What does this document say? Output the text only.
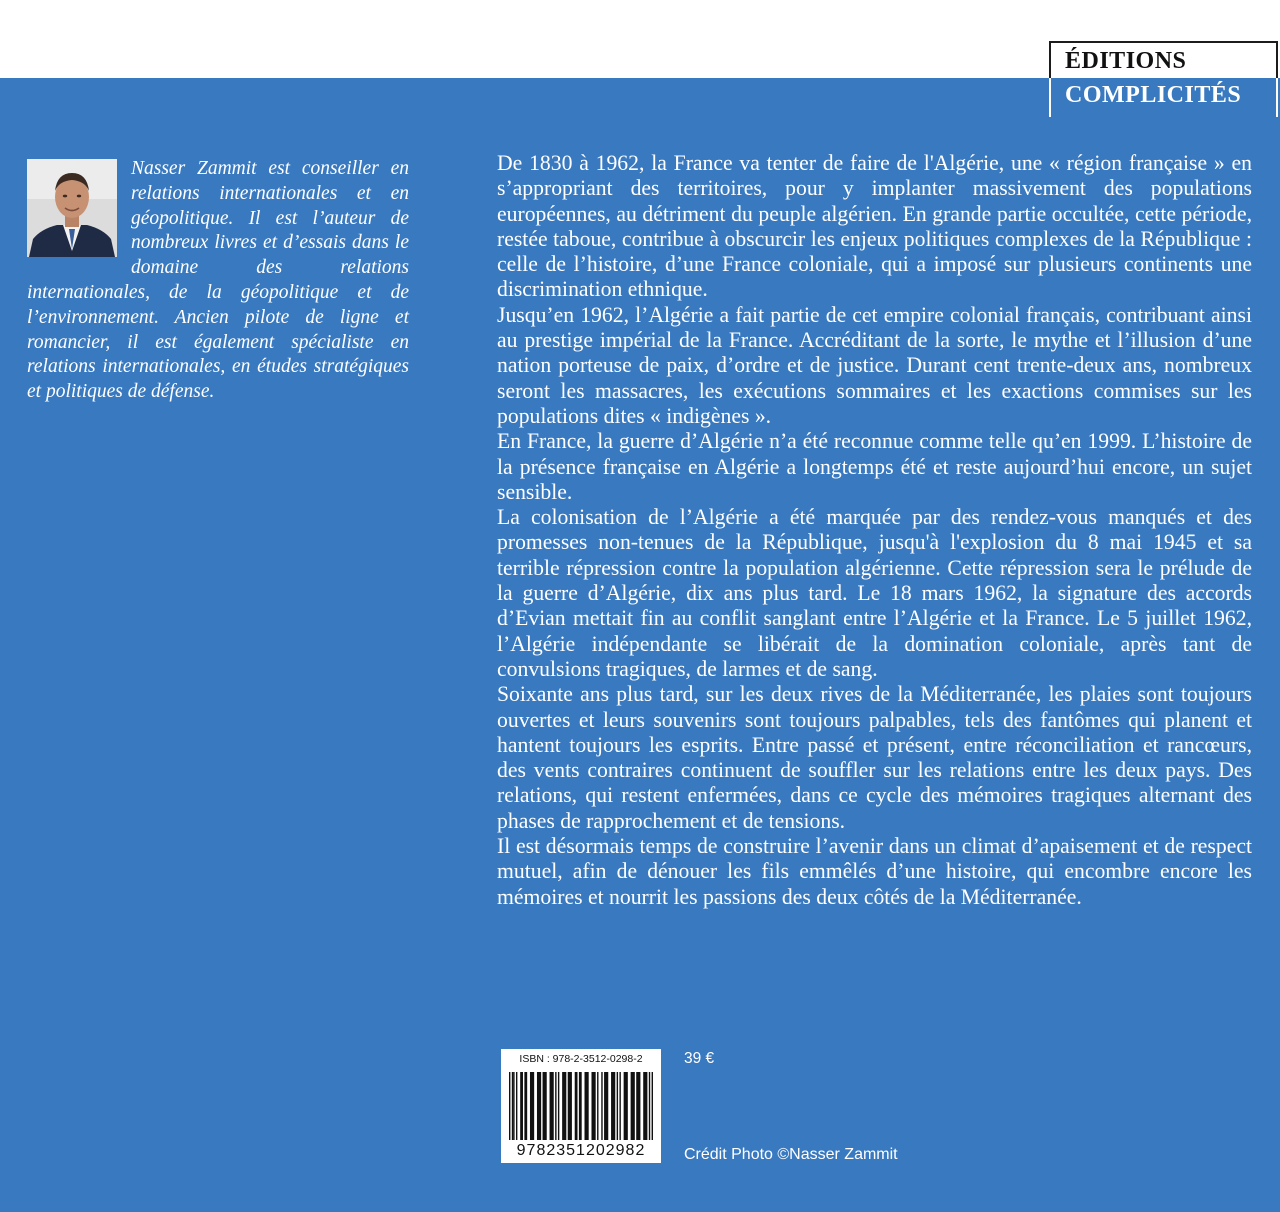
ÉDITIONS
COMPLICITÉS
Nasser Zammit est conseiller en relations internationales et en géopolitique. Il est l’auteur de nombreux livres et d’essais dans le domaine des relations internationales, de la géopolitique et de l’environnement. Ancien pilote de ligne et romancier, il est également spécialiste en relations internationales, en études stratégiques et politiques de défense.

De 1830 à 1962, la France va tenter de faire de l'Algérie, une « région française » en s’appropriant des territoires, pour y implanter massivement des populations européennes, au détriment du peuple algérien. En grande partie occultée, cette période, restée taboue, contribue à obscurcir les enjeux politiques complexes de la République : celle de l’histoire, d’une France coloniale, qui a imposé sur plusieurs continents une discrimination ethnique.

Jusqu’en 1962, l’Algérie a fait partie de cet empire colonial français, contribuant ainsi au prestige impérial de la France. Accréditant de la sorte, le mythe et l’illusion d’une nation porteuse de paix, d’ordre et de justice. Durant cent trente-deux ans, nombreux seront les massacres, les exécutions sommaires et les exactions commises sur les populations dites « indigènes ».

En France, la guerre d’Algérie n’a été reconnue comme telle qu’en 1999. L’histoire de la présence française en Algérie a longtemps été et reste aujourd’hui encore, un sujet sensible.

La colonisation de l’Algérie a été marquée par des rendez-vous manqués et des promesses non-tenues de la République, jusqu'à l'explosion du 8 mai 1945 et sa terrible répression contre la population algérienne. Cette répression sera le prélude de la guerre d’Algérie, dix ans plus tard. Le 18 mars 1962, la signature des accords d’Evian mettait fin au conflit sanglant entre l’Algérie et la France. Le 5 juillet 1962, l’Algérie indépendante se libérait de la domination coloniale, après tant de convulsions tragiques, de larmes et de sang.

Soixante ans plus tard, sur les deux rives de la Méditerranée, les plaies sont toujours ouvertes et leurs souvenirs sont toujours palpables, tels des fantômes qui planent et hantent toujours les esprits. Entre passé et présent, entre réconciliation et rancœurs, des vents contraires continuent de souffler sur les relations entre les deux pays. Des relations, qui restent enfermées, dans ce cycle des mémoires tragiques alternant des phases de rapprochement et de tensions.

Il est désormais temps de construire l’avenir dans un climat d’apaisement et de respect mutuel, afin de dénouer les fils emmêlés d’une histoire, qui encombre encore les mémoires et nourrit les passions des deux côtés de la Méditerranée.

ISBN : 978-2-3512-0298-2
9782351202982
39 €
Crédit Photo ©Nasser Zammit
